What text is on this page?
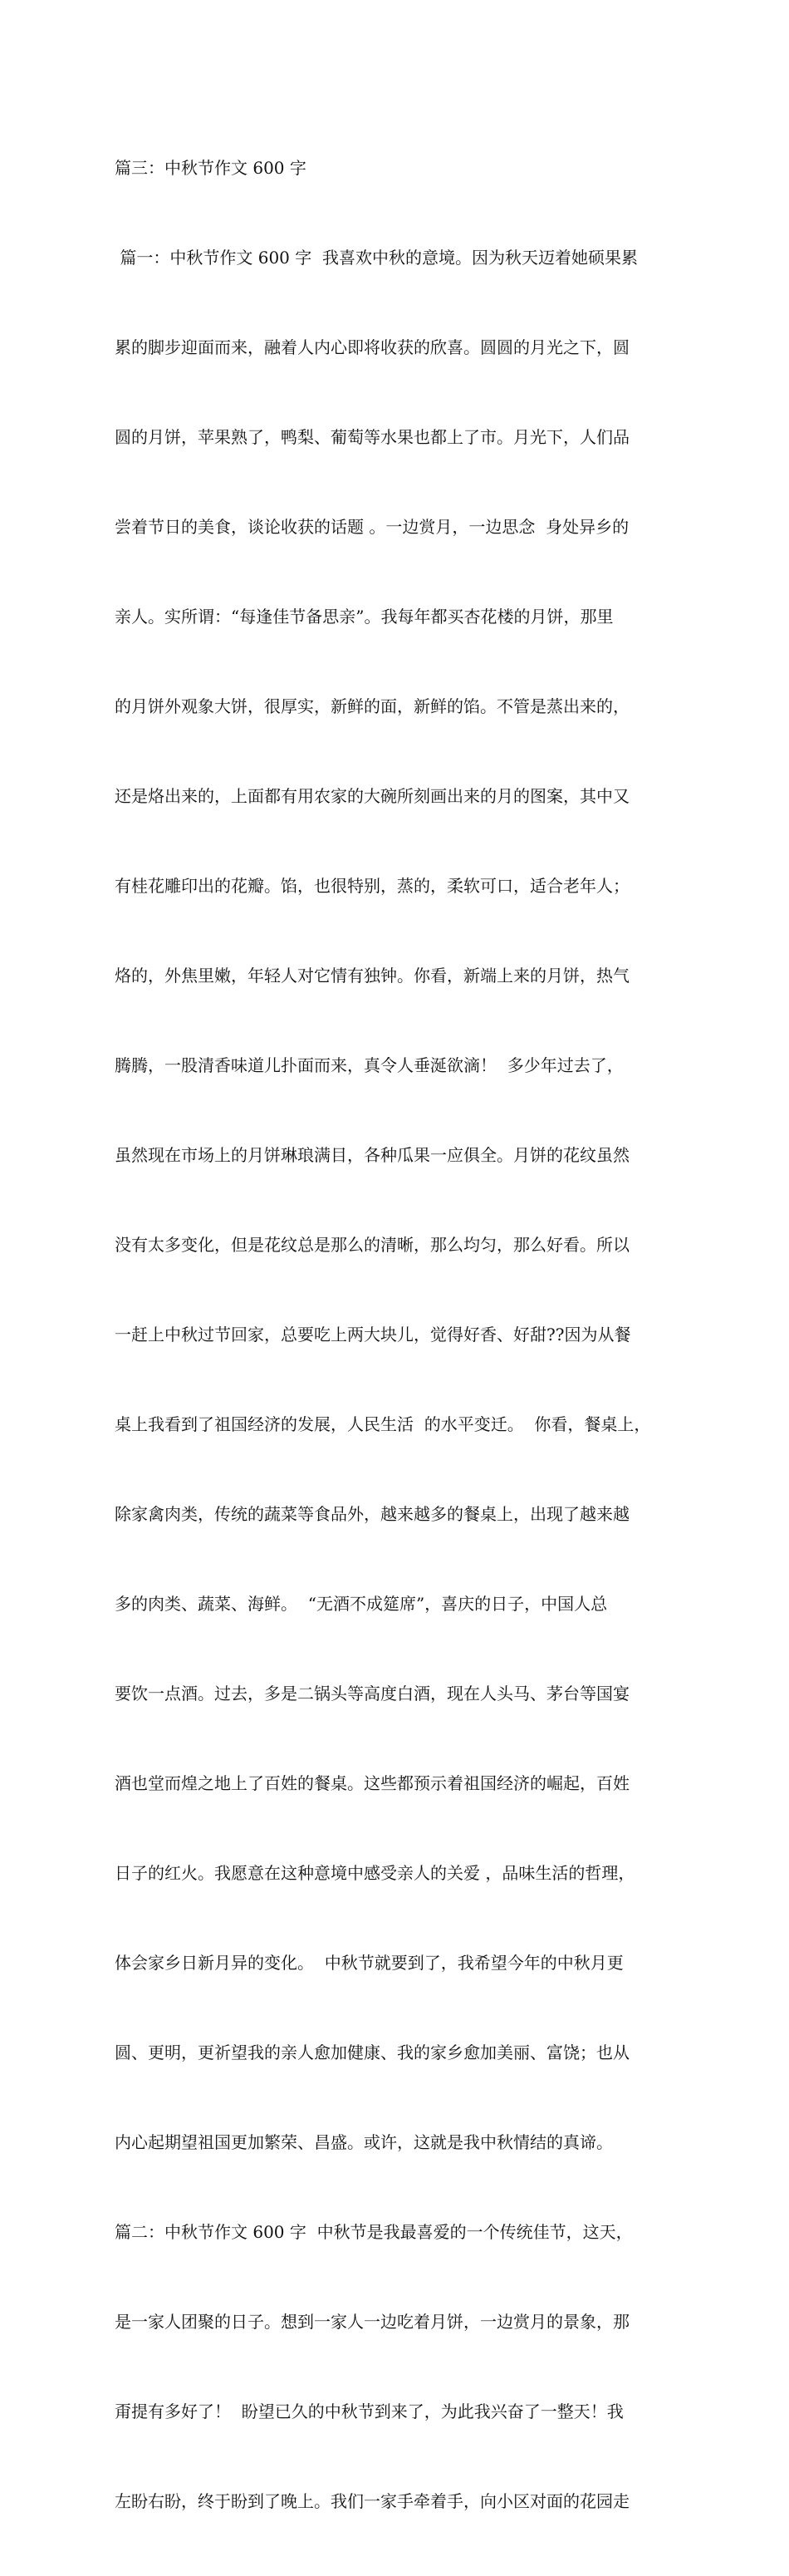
篇三：中秋节作文 600 字

篇一：中秋节作文 600 字  我喜欢中秋的意境。因为秋天迈着她硕果累

累的脚步迎面而来，融着人内心即将收获的欣喜。圆圆的月光之下，圆

圆的月饼，苹果熟了，鸭梨、葡萄等水果也都上了市。月光下，人们品

尝着节日的美食，谈论收获的话题 。一边赏月，一边思念  身处异乡的

亲人。实所谓：“每逢佳节备思亲”。我每年都买杏花楼的月饼，那里

的月饼外观象大饼，很厚实，新鲜的面，新鲜的馅。不管是蒸出来的，

还是烙出来的，上面都有用农家的大碗所刻画出来的月的图案，其中又

有桂花雕印出的花瓣。馅，也很特别，蒸的，柔软可口，适合老年人；

烙的，外焦里嫩，年轻人对它情有独钟。你看，新端上来的月饼，热气

腾腾，一股清香味道儿扑面而来，真令人垂涎欲滴！  多少年过去了，

虽然现在市场上的月饼琳琅满目，各种瓜果一应俱全。月饼的花纹虽然

没有太多变化，但是花纹总是那么的清晰，那么均匀，那么好看。所以

一赶上中秋过节回家，总要吃上两大块儿，觉得好香、好甜??因为从餐

桌上我看到了祖国经济的发展，人民生活  的水平变迁。  你看，餐桌上，

除家禽肉类，传统的蔬菜等食品外，越来越多的餐桌上，出现了越来越

多的肉类、蔬菜、海鲜。  “无酒不成筵席”，喜庆的日子，中国人总

要饮一点酒。过去，多是二锅头等高度白酒，现在人头马、茅台等国宴

酒也堂而煌之地上了百姓的餐桌。这些都预示着祖国经济的崛起，百姓

日子的红火。我愿意在这种意境中感受亲人的关爱 ，品味生活的哲理，

体会家乡日新月异的变化。  中秋节就要到了，我希望今年的中秋月更

圆、更明，更祈望我的亲人愈加健康、我的家乡愈加美丽、富饶；也从

内心起期望祖国更加繁荣、昌盛。或许，这就是我中秋情结的真谛。

篇二：中秋节作文 600 字  中秋节是我最喜爱的一个传统佳节，这天，

是一家人团聚的日子。想到一家人一边吃着月饼，一边赏月的景象，那

甭提有多好了！  盼望已久的中秋节到来了，为此我兴奋了一整天！我

左盼右盼，终于盼到了晚上。我们一家手牵着手，向小区对面的花园走
